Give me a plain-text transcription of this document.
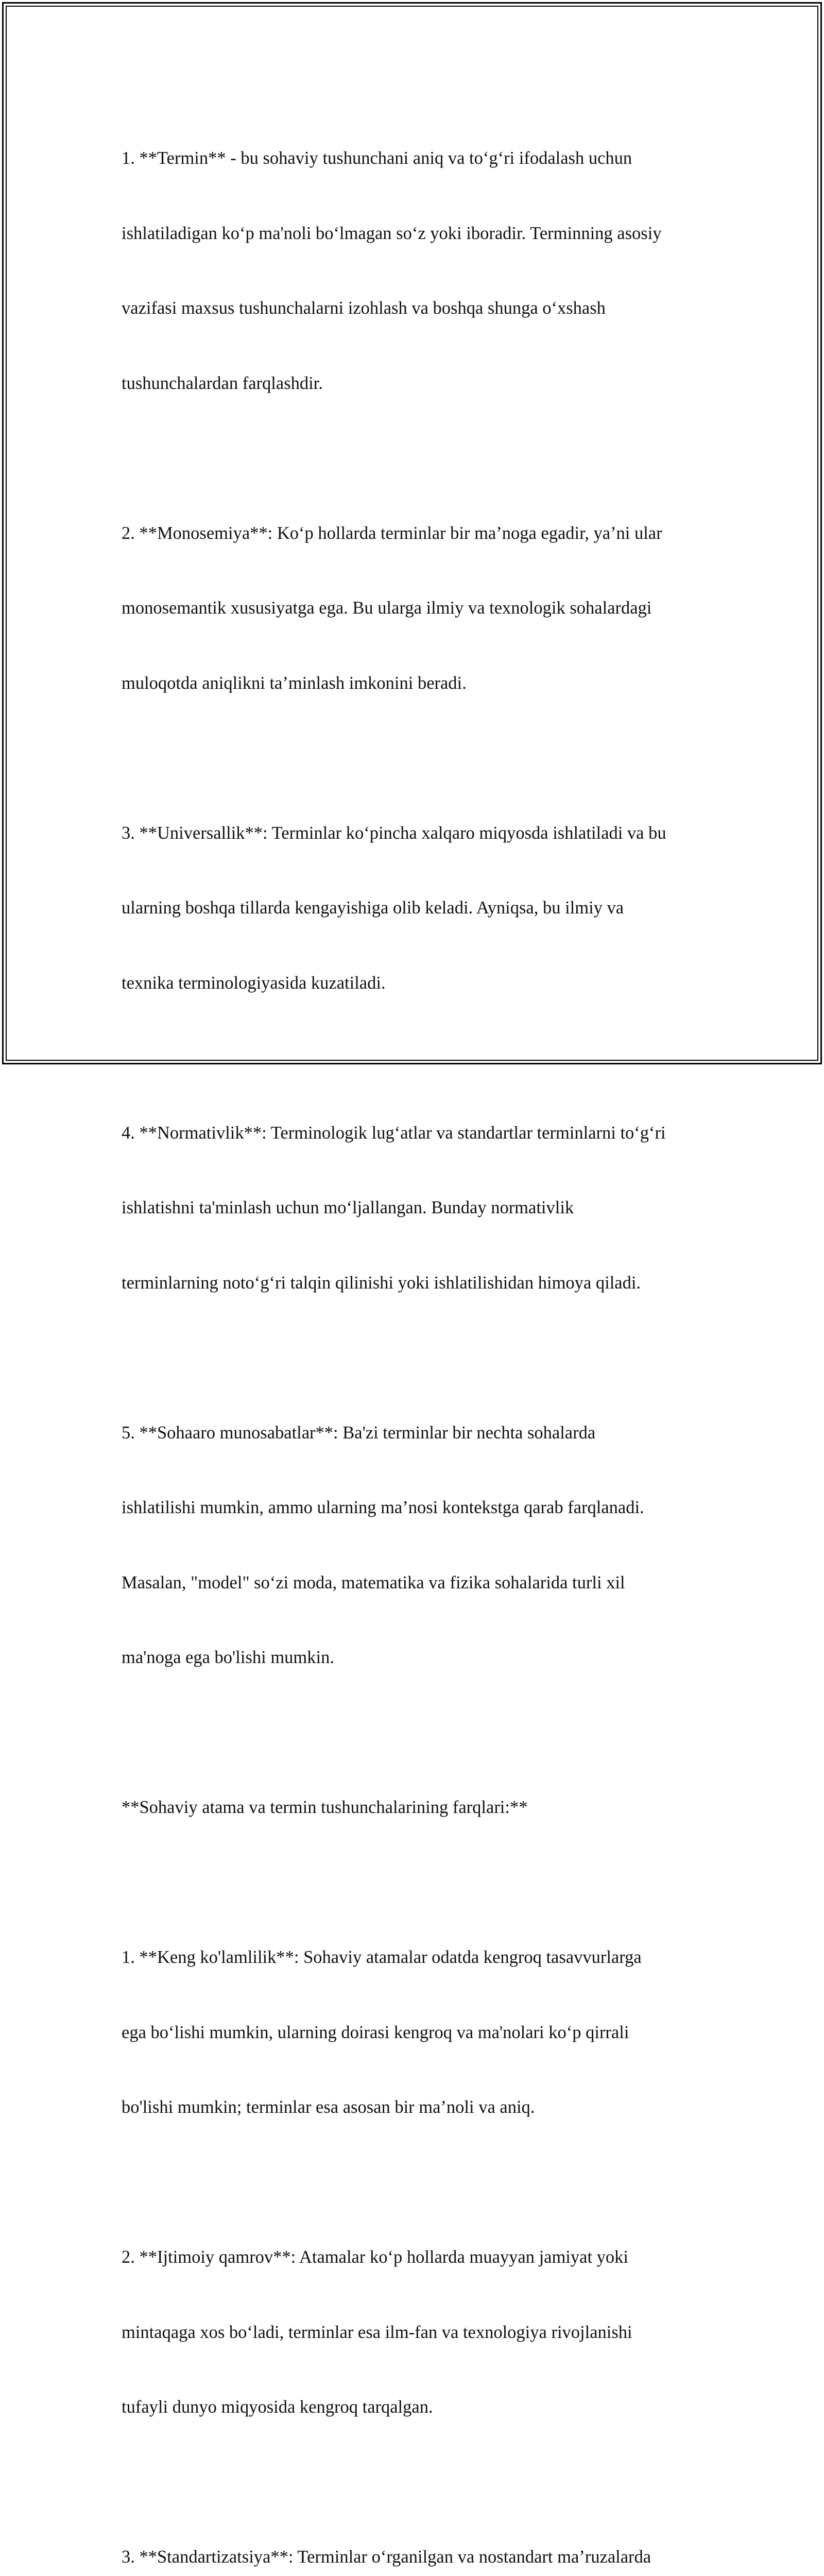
1. **Termin** - bu sohaviy tushunchani aniq va to‘g‘ri ifodalash uchun

ishlatiladigan ko‘p ma'noli bo‘lmagan so‘z yoki iboradir. Terminning asosiy

vazifasi maxsus tushunchalarni izohlash va boshqa shunga o‘xshash

tushunchalardan farqlashdir.

2. **Monosemiya**: Ko‘p hollarda terminlar bir ma’noga egadir, ya’ni ular

monosemantik xususiyatga ega. Bu ularga ilmiy va texnologik sohalardagi

muloqotda aniqlikni ta’minlash imkonini beradi.

3. **Universallik**: Terminlar ko‘pincha xalqaro miqyosda ishlatiladi va bu

ularning boshqa tillarda kengayishiga olib keladi. Ayniqsa, bu ilmiy va

texnika terminologiyasida kuzatiladi.

4. **Normativlik**: Terminologik lug‘atlar va standartlar terminlarni to‘g‘ri

ishlatishni ta'minlash uchun mo‘ljallangan. Bunday normativlik

terminlarning noto‘g‘ri talqin qilinishi yoki ishlatilishidan himoya qiladi.

5. **Sohaaro munosabatlar**: Ba'zi terminlar bir nechta sohalarda

ishlatilishi mumkin, ammo ularning ma’nosi kontekstga qarab farqlanadi.

Masalan, "model" so‘zi moda, matematika va fizika sohalarida turli xil

ma'noga ega bo'lishi mumkin.

**Sohaviy atama va termin tushunchalarining farqlari:**

1. **Keng ko'lamlilik**: Sohaviy atamalar odatda kengroq tasavvurlarga

ega bo‘lishi mumkin, ularning doirasi kengroq va ma'nolari ko‘p qirrali

bo'lishi mumkin; terminlar esa asosan bir ma’noli va aniq.

2. **Ijtimoiy qamrov**: Atamalar ko‘p hollarda muayyan jamiyat yoki

mintaqaga xos bo‘ladi, terminlar esa ilm-fan va texnologiya rivojlanishi

tufayli dunyo miqyosida kengroq tarqalgan.

3. **Standartizatsiya**: Terminlar o‘rganilgan va nostandart ma’ruzalarda
